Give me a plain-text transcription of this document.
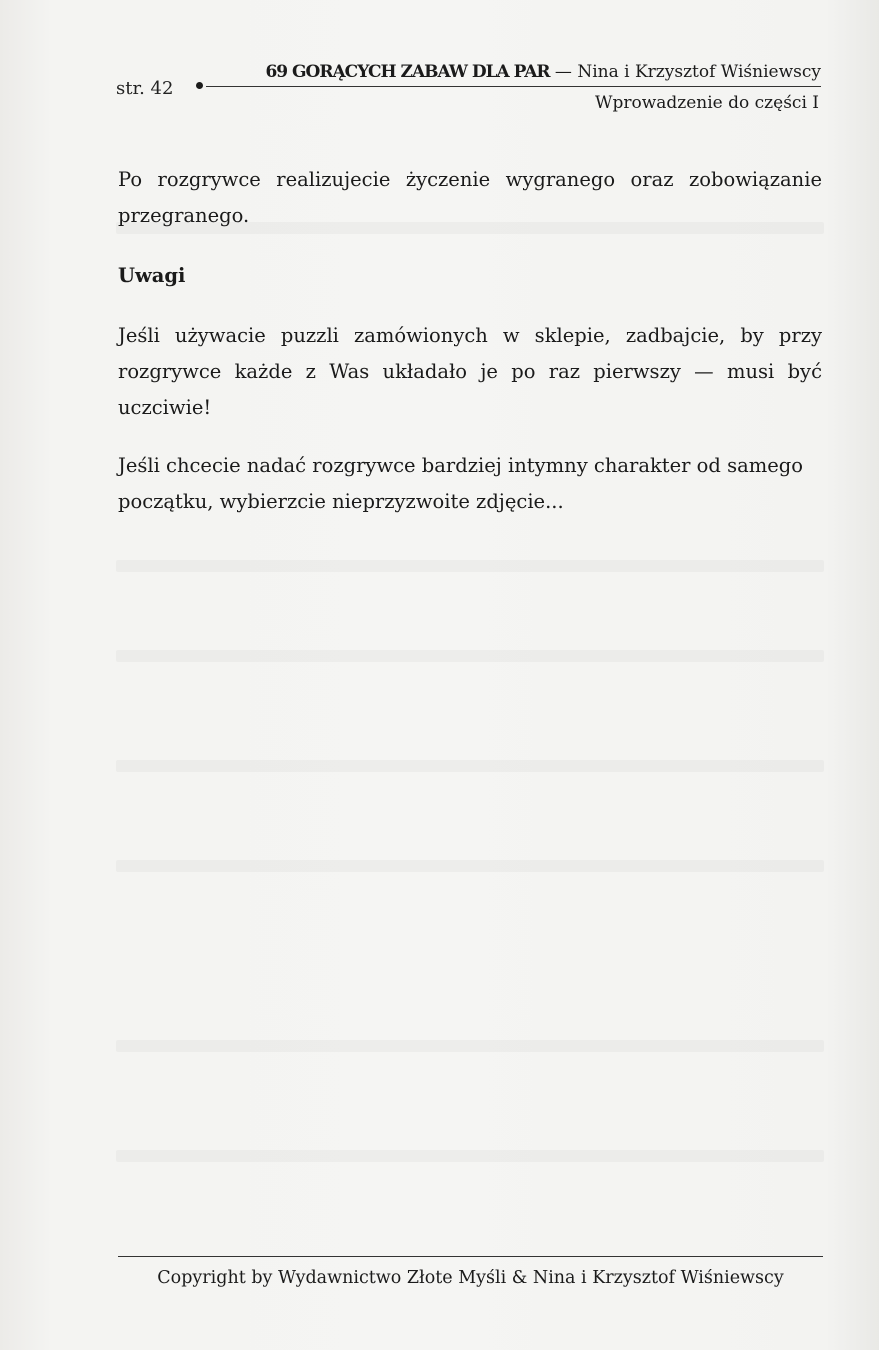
str. 42
69 GORĄCYCH ZABAW DLA PAR — Nina i Krzysztof Wiśniewscy
Wprowadzenie do części I
Po rozgrywce realizujecie życzenie wygranego oraz zobowiązanie przegranego.
Uwagi
Jeśli używacie puzzli zamówionych w sklepie, zadbajcie, by przy rozgrywce każde z Was układało je po raz pierwszy — musi być uczciwie!
Jeśli chcecie nadać rozgrywce bardziej intymny charakter od samego początku, wybierzcie nieprzyzwoite zdjęcie...
Copyright by Wydawnictwo Złote Myśli & Nina i Krzysztof Wiśniewscy
